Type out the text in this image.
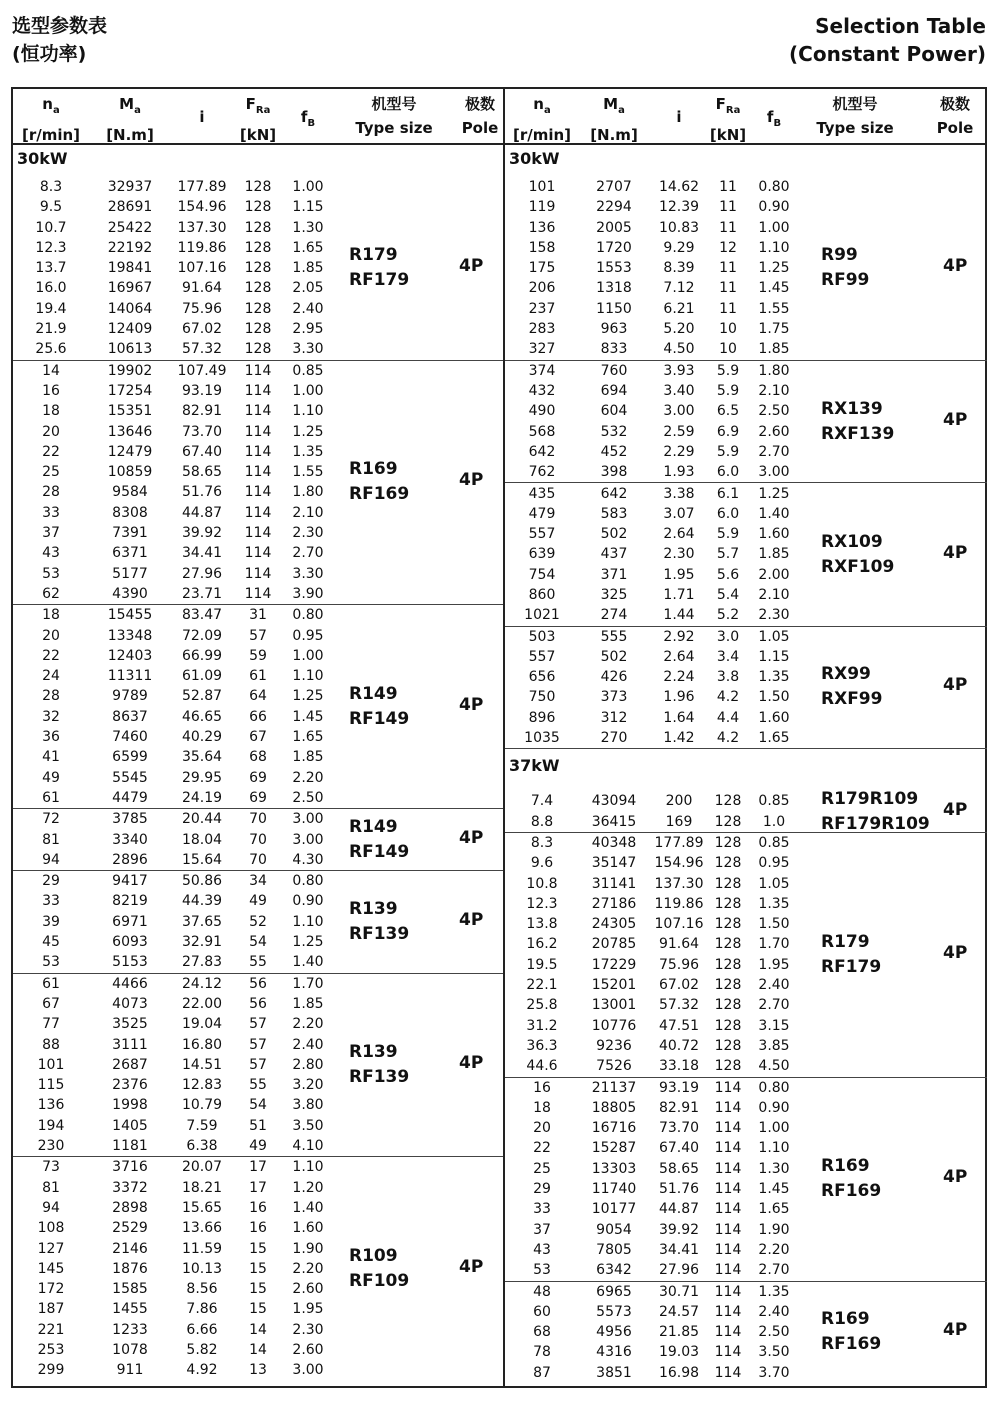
选型参数表
(恒功率)
Selection Table
(Constant Power)
$n_a$
[r/min]
$M_a$
[N.m]
i
$F_{Ra}$
[kN]
$f_B$
机型号
Type size
极数
Pole
30kW
8.3	32937	177.89	128	1.00
9.5	28691	154.96	128	1.15
10.7	25422	137.30	128	1.30
12.3	22192	119.86	128	1.65
13.7	19841	107.16	128	1.85
16.0	16967	91.64	128	2.05
19.4	14064	75.96	128	2.40
21.9	12409	67.02	128	2.95
25.6	10613	57.32	128	3.30
R179
RF179
4P
14	19902	107.49	114	0.85
16	17254	93.19	114	1.00
18	15351	82.91	114	1.10
20	13646	73.70	114	1.25
22	12479	67.40	114	1.35
25	10859	58.65	114	1.55
28	9584	51.76	114	1.80
33	8308	44.87	114	2.10
37	7391	39.92	114	2.30
43	6371	34.41	114	2.70
53	5177	27.96	114	3.30
62	4390	23.71	114	3.90
R169
RF169
4P
18	15455	83.47	31	0.80
20	13348	72.09	57	0.95
22	12403	66.99	59	1.00
24	11311	61.09	61	1.10
28	9789	52.87	64	1.25
32	8637	46.65	66	1.45
36	7460	40.29	67	1.65
41	6599	35.64	68	1.85
49	5545	29.95	69	2.20
61	4479	24.19	69	2.50
R149
RF149
4P
72	3785	20.44	70	3.00
81	3340	18.04	70	3.00
94	2896	15.64	70	4.30
R149
RF149
4P
29	9417	50.86	34	0.80
33	8219	44.39	49	0.90
39	6971	37.65	52	1.10
45	6093	32.91	54	1.25
53	5153	27.83	55	1.40
R139
RF139
4P
61	4466	24.12	56	1.70
67	4073	22.00	56	1.85
77	3525	19.04	57	2.20
88	3111	16.80	57	2.40
101	2687	14.51	57	2.80
115	2376	12.83	55	3.20
136	1998	10.79	54	3.80
194	1405	7.59	51	3.50
230	1181	6.38	49	4.10
R139
RF139
4P
73	3716	20.07	17	1.10
81	3372	18.21	17	1.20
94	2898	15.65	16	1.40
108	2529	13.66	16	1.60
127	2146	11.59	15	1.90
145	1876	10.13	15	2.20
172	1585	8.56	15	2.60
187	1455	7.86	15	1.95
221	1233	6.66	14	2.30
253	1078	5.82	14	2.60
299	911	4.92	13	3.00
R109
RF109
4P
$n_a$
[r/min]
$M_a$
[N.m]
i
$F_{Ra}$
[kN]
$f_B$
机型号
Type size
极数
Pole
30kW
101	2707	14.62	11	0.80
119	2294	12.39	11	0.90
136	2005	10.83	11	1.00
158	1720	9.29	12	1.10
175	1553	8.39	11	1.25
206	1318	7.12	11	1.45
237	1150	6.21	11	1.55
283	963	5.20	10	1.75
327	833	4.50	10	1.85
R99
RF99
4P
374	760	3.93	5.9	1.80
432	694	3.40	5.9	2.10
490	604	3.00	6.5	2.50
568	532	2.59	6.9	2.60
642	452	2.29	5.9	2.70
762	398	1.93	6.0	3.00
RX139
RXF139
4P
435	642	3.38	6.1	1.25
479	583	3.07	6.0	1.40
557	502	2.64	5.9	1.60
639	437	2.30	5.7	1.85
754	371	1.95	5.6	2.00
860	325	1.71	5.4	2.10
1021	274	1.44	5.2	2.30
RX109
RXF109
4P
503	555	2.92	3.0	1.05
557	502	2.64	3.4	1.15
656	426	2.24	3.8	1.35
750	373	1.96	4.2	1.50
896	312	1.64	4.4	1.60
1035	270	1.42	4.2	1.65
RX99
RXF99
4P
37kW
7.4	43094	200	128	0.85
8.8	36415	169	128	1.0
R179R109
RF179R109
4P
8.3	40348	177.89 128	0.85
9.6	35147	154.96 128	0.95
10.8	31141	137.30 128	1.05
12.3	27186	119.86 128	1.35
13.8	24305	107.16 128	1.50
16.2	20785	91.64	128	1.70
19.5	17229	75.96	128	1.95
22.1	15201	67.02	128	2.40
25.8	13001	57.32	128	2.70
31.2	10776	47.51	128	3.15
36.3	9236	40.72	128	3.85
44.6	7526	33.18	128	4.50
R179
RF179
4P
16	21137	93.19	114	0.80
18	18805	82.91	114	0.90
20	16716	73.70	114	1.00
22	15287	67.40	114	1.10
25	13303	58.65	114	1.30
29	11740	51.76	114	1.45
33	10177	44.87	114	1.65
37	9054	39.92	114	1.90
43	7805	34.41	114	2.20
53	6342	27.96	114	2.70
R169
RF169
4P
48	6965	30.71	114	1.35
60	5573	24.57	114	2.40
68	4956	21.85	114	2.50
78	4316	19.03	114	3.50
87	3851	16.98	114	3.70
R169
RF169
4P
